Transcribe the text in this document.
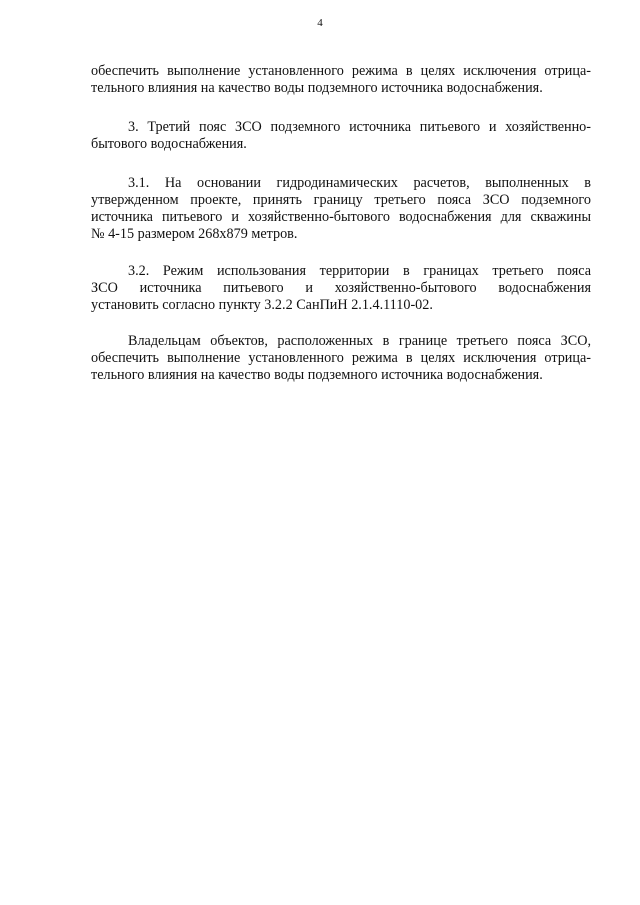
4
обеспечить выполнение установленного режима в целях исключения отрица-
тельного влияния на качество воды подземного источника водоснабжения.
3. Третий пояс ЗСО подземного источника питьевого и хозяйственно-
бытового водоснабжения.
3.1. На основании гидродинамических расчетов, выполненных в
утвержденном проекте, принять границу третьего пояса ЗСО подземного
источника питьевого и хозяйственно-бытового водоснабжения для скважины
№ 4-15 размером 268х879 метров.
3.2. Режим использования территории в границах третьего пояса
ЗСО источника питьевого и хозяйственно-бытового водоснабжения
установить согласно пункту 3.2.2 СанПиН 2.1.4.1110-02.
Владельцам объектов, расположенных в границе третьего пояса ЗСО,
обеспечить выполнение установленного режима в целях исключения отрица-
тельного влияния на качество воды подземного источника водоснабжения.
